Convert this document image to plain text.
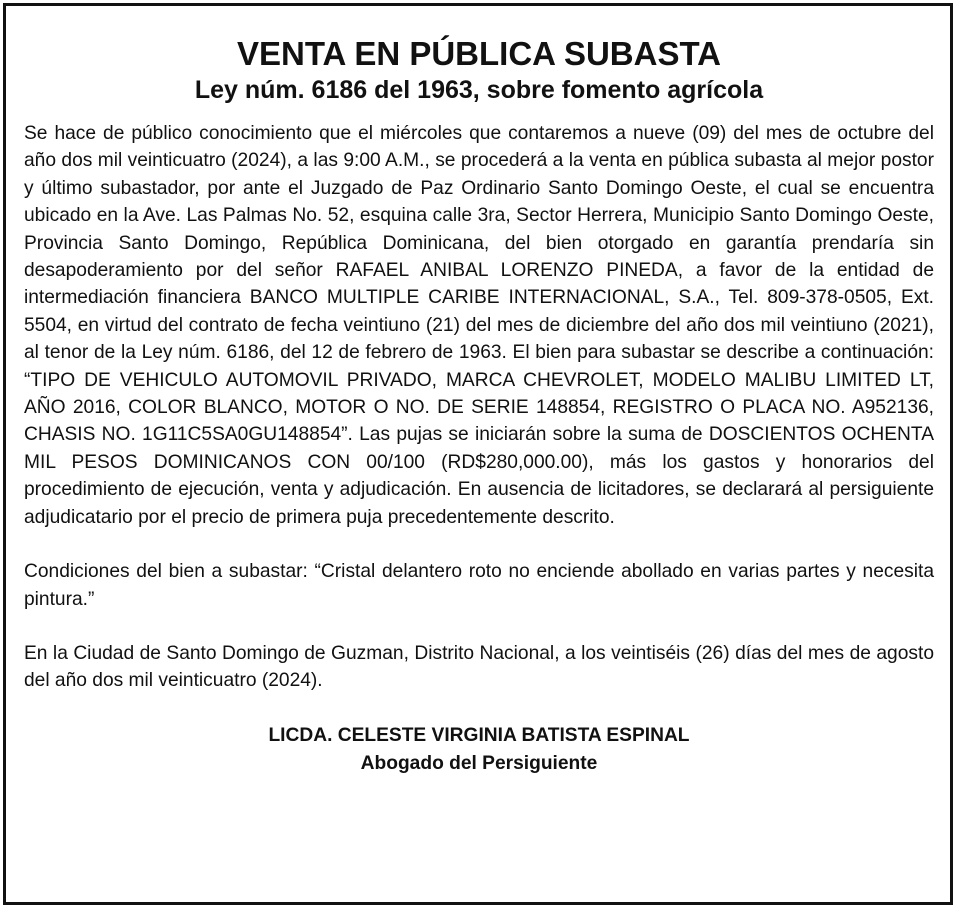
VENTA EN PÚBLICA SUBASTA
Ley núm. 6186 del 1963, sobre fomento agrícola

Se hace de público conocimiento que el miércoles que contaremos a nueve (09) del mes de octubre del año dos mil veinticuatro (2024), a las 9:00 A.M., se procederá a la venta en pública subasta al mejor postor y último subastador, por ante el Juzgado de Paz Ordinario Santo Domingo Oeste, el cual se encuentra ubicado en la Ave. Las Palmas No. 52, esquina calle 3ra, Sector Herrera, Municipio Santo Domingo Oeste, Provincia Santo Domingo, República Dominicana, del bien otorgado en garantía prendaría sin desapoderamiento por del señor RAFAEL ANIBAL LORENZO PINEDA, a favor de la entidad de intermediación financiera BANCO MULTIPLE CARIBE INTERNACIONAL, S.A., Tel. 809-378-0505, Ext. 5504, en virtud del contrato de fecha veintiuno (21) del mes de diciembre del año dos mil veintiuno (2021), al tenor de la Ley núm. 6186, del 12 de febrero de 1963. El bien para subastar se describe a continuación: “TIPO DE VEHICULO AUTOMOVIL PRIVADO, MARCA CHEVROLET, MODELO MALIBU LIMITED LT, AÑO 2016, COLOR BLANCO, MOTOR O NO. DE SERIE 148854, REGISTRO O PLACA NO. A952136, CHASIS NO. 1G11C5SA0GU148854”. Las pujas se iniciarán sobre la suma de DOSCIENTOS OCHENTA MIL PESOS DOMINICANOS CON 00/100 (RD$280,000.00), más los gastos y honorarios del procedimiento de ejecución, venta y adjudicación. En ausencia de licitadores, se declarará al persiguiente adjudicatario por el precio de primera puja precedentemente descrito.

Condiciones del bien a subastar: “Cristal delantero roto no enciende abollado en varias partes y necesita pintura.”

En la Ciudad de Santo Domingo de Guzman, Distrito Nacional, a los veintiséis (26) días del mes de agosto del año dos mil veinticuatro (2024).

LICDA. CELESTE VIRGINIA BATISTA ESPINAL

Abogado del Persiguiente
